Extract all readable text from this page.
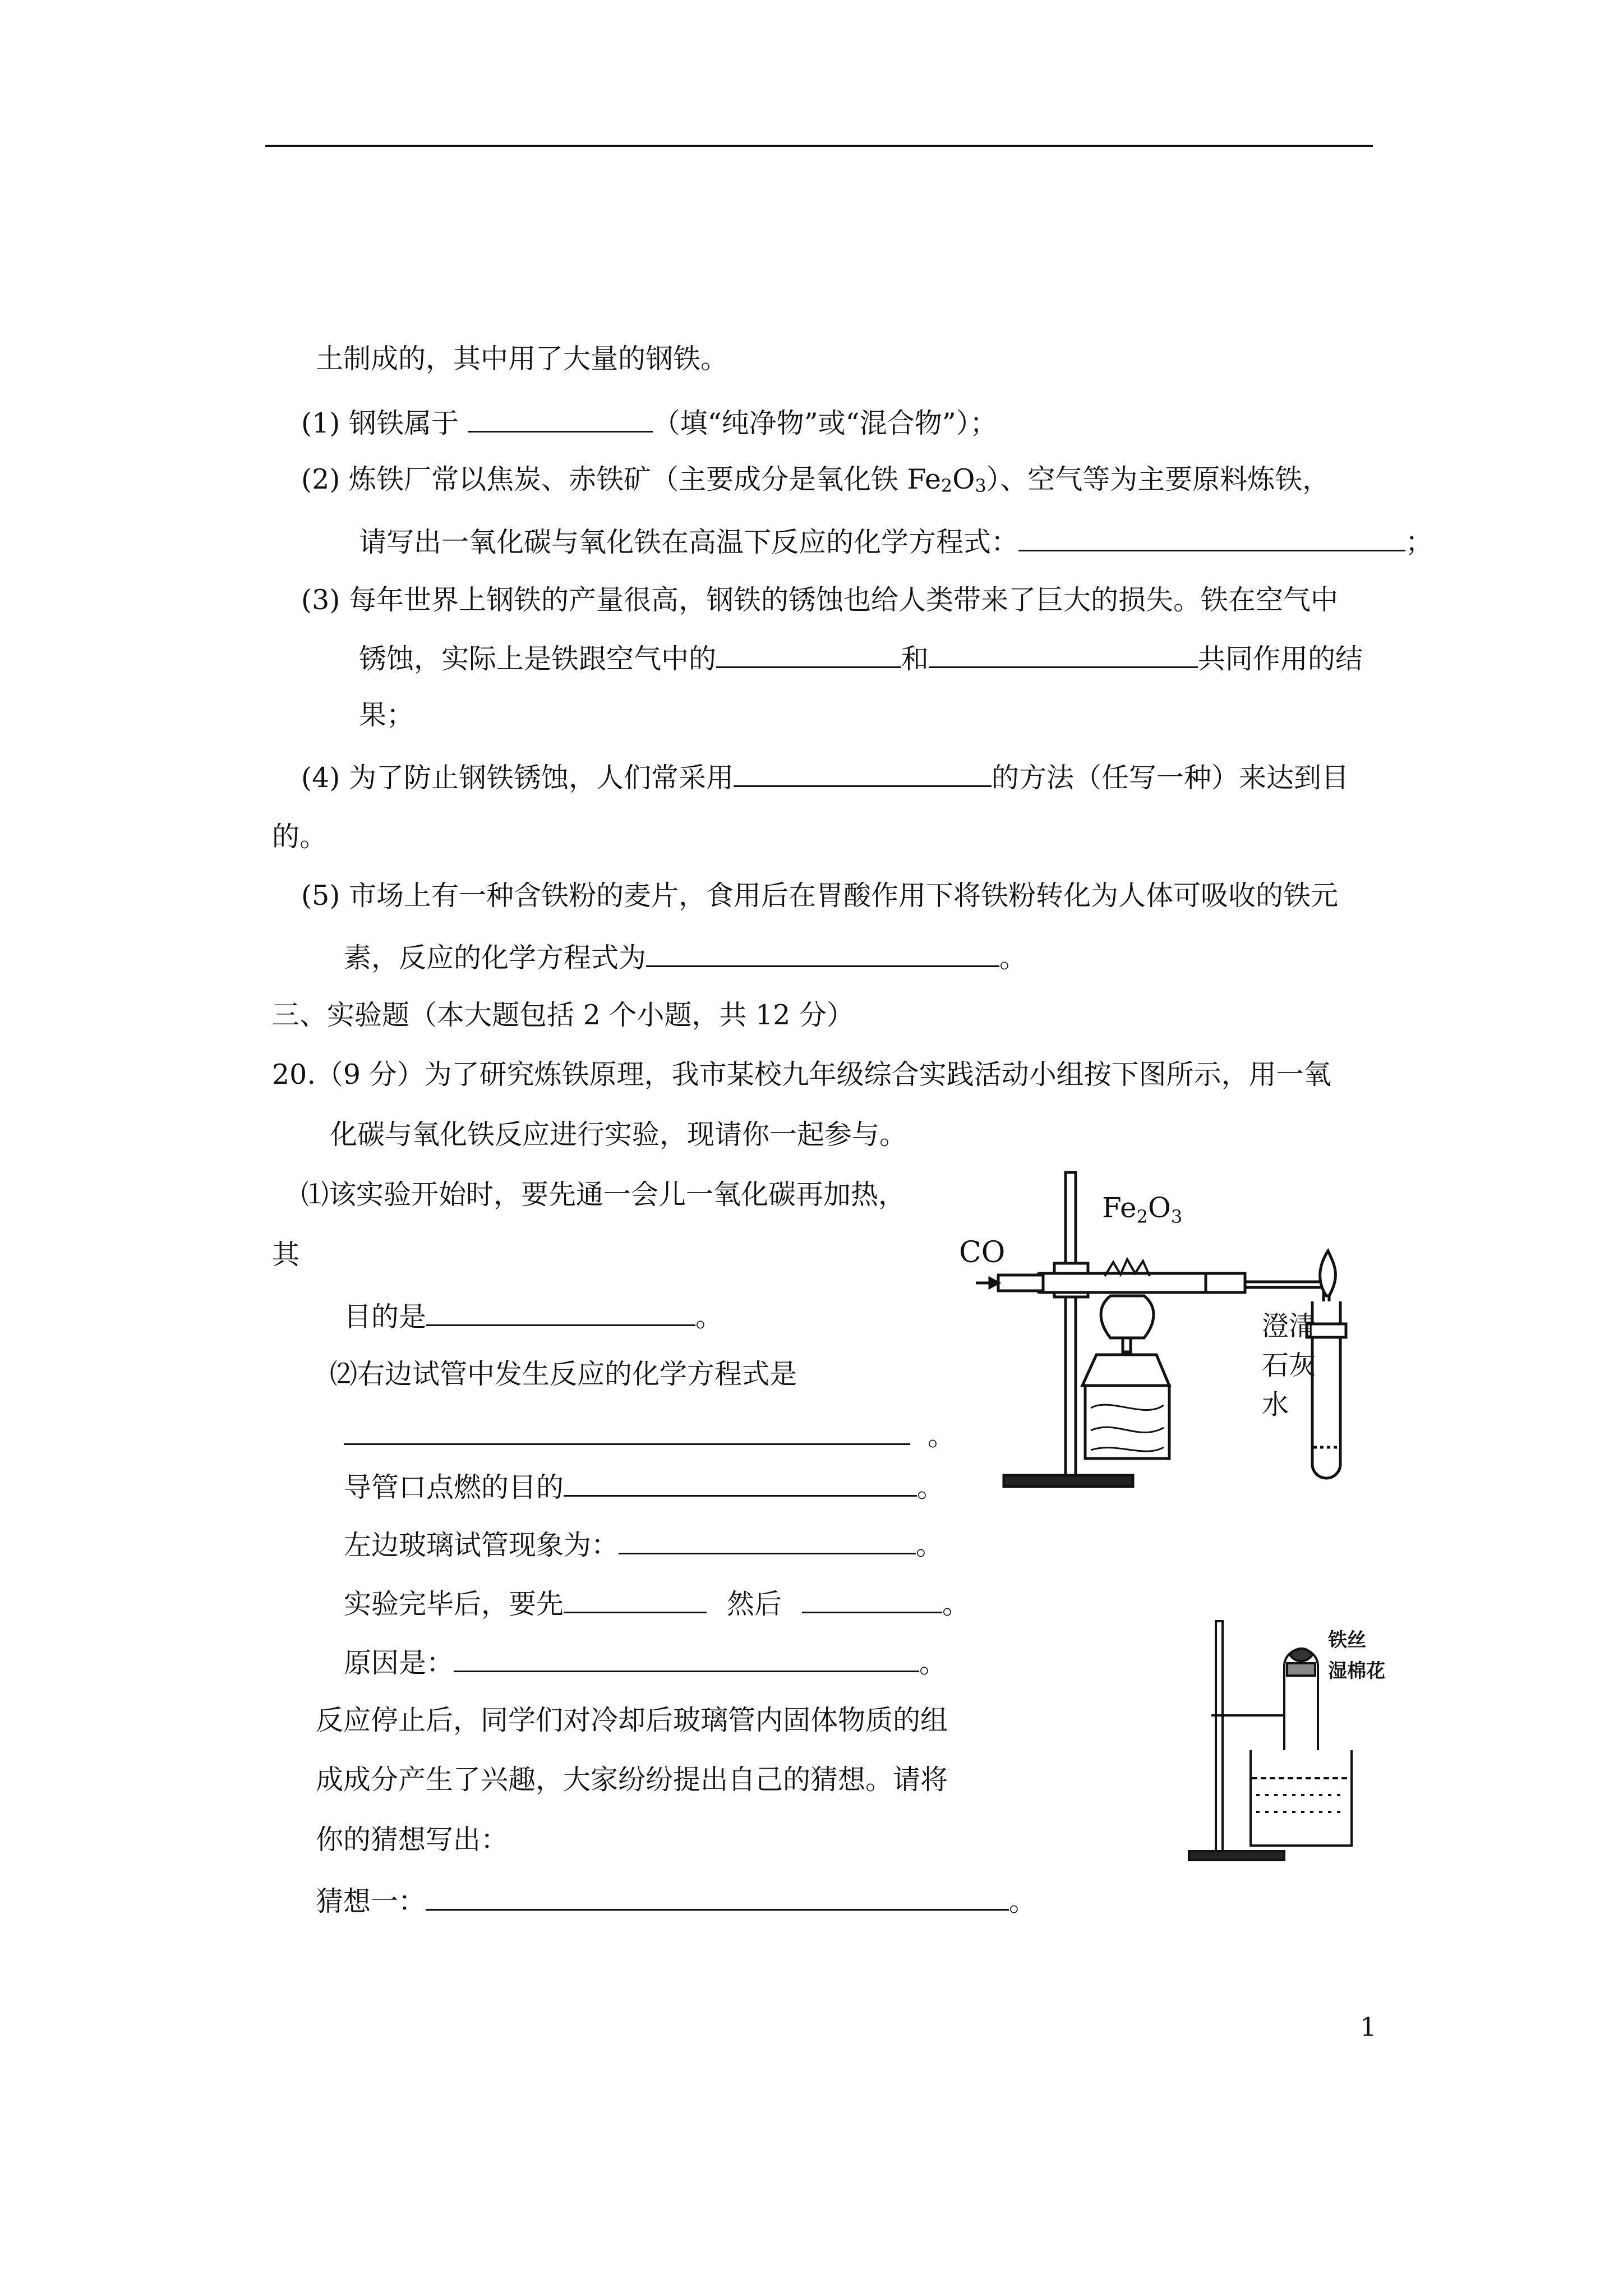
土制成的，其中用了大量的钢铁。
(1) 钢铁属于	（填“纯净物”或“混合物”）；
(2) 炼铁厂常以焦炭、赤铁矿（主要成分是氧化铁 $Fe_2O_3$）、空气等为主要原料炼铁，
请写出一氧化碳与氧化铁在高温下反应的化学方程式：	；
(3) 每年世界上钢铁的产量很高，钢铁的锈蚀也给人类带来了巨大的损失。铁在空气中
锈蚀，实际上是铁跟空气中的	和	共同作用的结
果；
(4) 为了防止钢铁锈蚀，人们常采用	的方法（任写一种）来达到目
的。
(5) 市场上有一种含铁粉的麦片，食用后在胃酸作用下将铁粉转化为人体可吸收的铁元
素，反应的化学方程式为	。
三、实验题（本大题包括 2 个小题，共 12 分）
20.（9 分）为了研究炼铁原理，我市某校九年级综合实践活动小组按下图所示，用一氧
化碳与氧化铁反应进行实验，现请你一起参与。
⑴该实验开始时，要先通一会儿一氧化碳再加热，
其
目的是	。
⑵右边试管中发生反应的化学方程式是
。
导管口点燃的目的	。
左边玻璃试管现象为：	。
实验完毕后，要先	然后	。
原因是：	。
反应停止后，同学们对冷却后玻璃管内固体物质的组
成成分产生了兴趣，大家纷纷提出自己的猜想。请将
你的猜想写出：
猜想一：	。
CO
$Fe_2O_3$
澄清
石灰
水
铁丝
湿棉花
1
